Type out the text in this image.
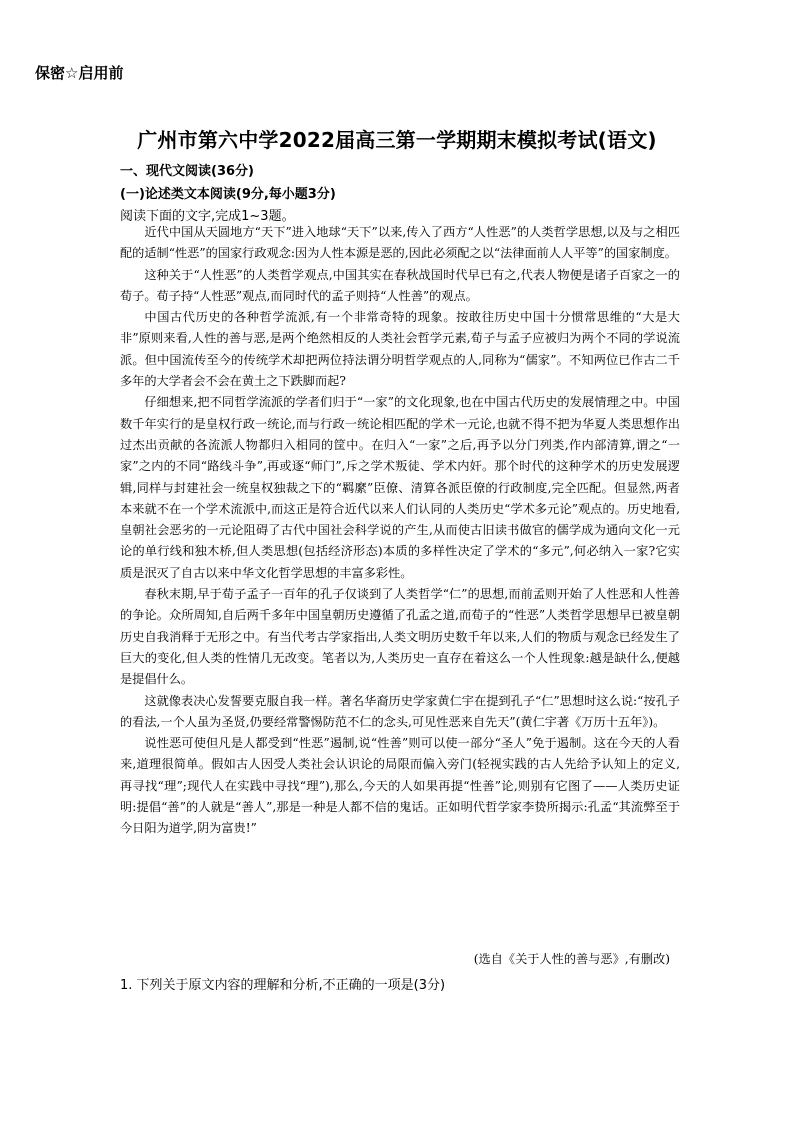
保密☆启用前
广州市第六中学2022届高三第一学期期末模拟考试(语文)
一、现代文阅读(36分)
(一)论述类文本阅读(9分,每小题3分)
阅读下面的文字,完成1~3题。

近代中国从天圆地方“天下”进入地球“天下”以来,传入了西方“人性恶”的人类哲学思想,以及与之相匹配的适制“性恶”的国家行政观念:因为人性本源是恶的,因此必须配之以“法律面前人人平等”的国家制度。

这种关于“人性恶”的人类哲学观点,中国其实在春秋战国时代早已有之,代表人物便是诸子百家之一的荀子。荀子持“人性恶”观点,而同时代的孟子则持“人性善”的观点。

中国古代历史的各种哲学流派,有一个非常奇特的现象。按敢往历史中国十分惯常思维的“大是大非”原则来看,人性的善与恶,是两个绝然相反的人类社会哲学元素,荀子与孟子应被归为两个不同的学说流派。但中国流传至今的传统学术却把两位持法谓分明哲学观点的人,同称为“儒家”。不知两位已作古二千多年的大学者会不会在黄土之下跌脚而起?

仔细想来,把不同哲学流派的学者们归于“一家”的文化现象,也在中国古代历史的发展情理之中。中国数千年实行的是皇权行政一统论,而与行政一统论相匹配的学术一元论,也就不得不把为华夏人类思想作出过杰出贡献的各流派人物都归入相同的筐中。在归入“一家”之后,再予以分门列类,作内部清算,谓之“一家”之内的不同“路线斗争”,再或逐“师门”,斥之学术叛徒、学术内奸。那个时代的这种学术的历史发展逻辑,同样与封建社会一统皇权独裁之下的“羁縻”臣僚、清算各派臣僚的行政制度,完全匹配。但显然,两者本来就不在一个学术流派中,而这正是符合近代以来人们认同的人类历史“学术多元论”观点的。历史地看,皇朝社会恶劣的一元论阻碍了古代中国社会科学说的产生,从而使古旧读书做官的儒学成为通向文化一元论的单行线和独木桥,但人类思想(包括经济形态)本质的多样性决定了学术的“多元”,何必纳入一家?它实质是泯灭了自古以来中华文化哲学思想的丰富多彩性。

春秋末期,早于荀子孟子一百年的孔子仅谈到了人类哲学“仁”的思想,而前孟则开始了人性恶和人性善的争论。众所周知,自后两千多年中国皇朝历史遵循了孔孟之道,而荀子的“性恶”人类哲学思想早已被皇朝历史自我消释于无形之中。有当代考古学家指出,人类文明历史数千年以来,人们的物质与观念已经发生了巨大的变化,但人类的性情几无改变。笔者以为,人类历史一直存在着这么一个人性现象:越是缺什么,便越是提倡什么。

这就像表决心发誓要克服自我一样。著名华裔历史学家黄仁宇在提到孔子“仁”思想时这么说:“按孔子的看法,一个人虽为圣贤,仍要经常警惕防范不仁的念头,可见性恶来自先天”(黄仁宇著《万历十五年》)。

说性恶可使但凡是人都受到“性恶”遏制,说“性善”则可以使一部分“圣人”免于遏制。这在今天的人看来,道理很简单。假如古人因受人类社会认识论的局限而偏入旁门(轻视实践的古人先给予认知上的定义,再寻找“理”;现代人在实践中寻找“理”),那么,今天的人如果再提“性善”论,则别有它图了——人类历史证明:提倡“善”的人就是“善人”,那是一种是人都不信的鬼话。正如明代哲学家李贽所揭示:孔孟“其流弊至于今日阳为道学,阴为富贵!”

(选自《关于人性的善与恶》,有删改)
1. 下列关于原文内容的理解和分析,不正确的一项是(3分)
